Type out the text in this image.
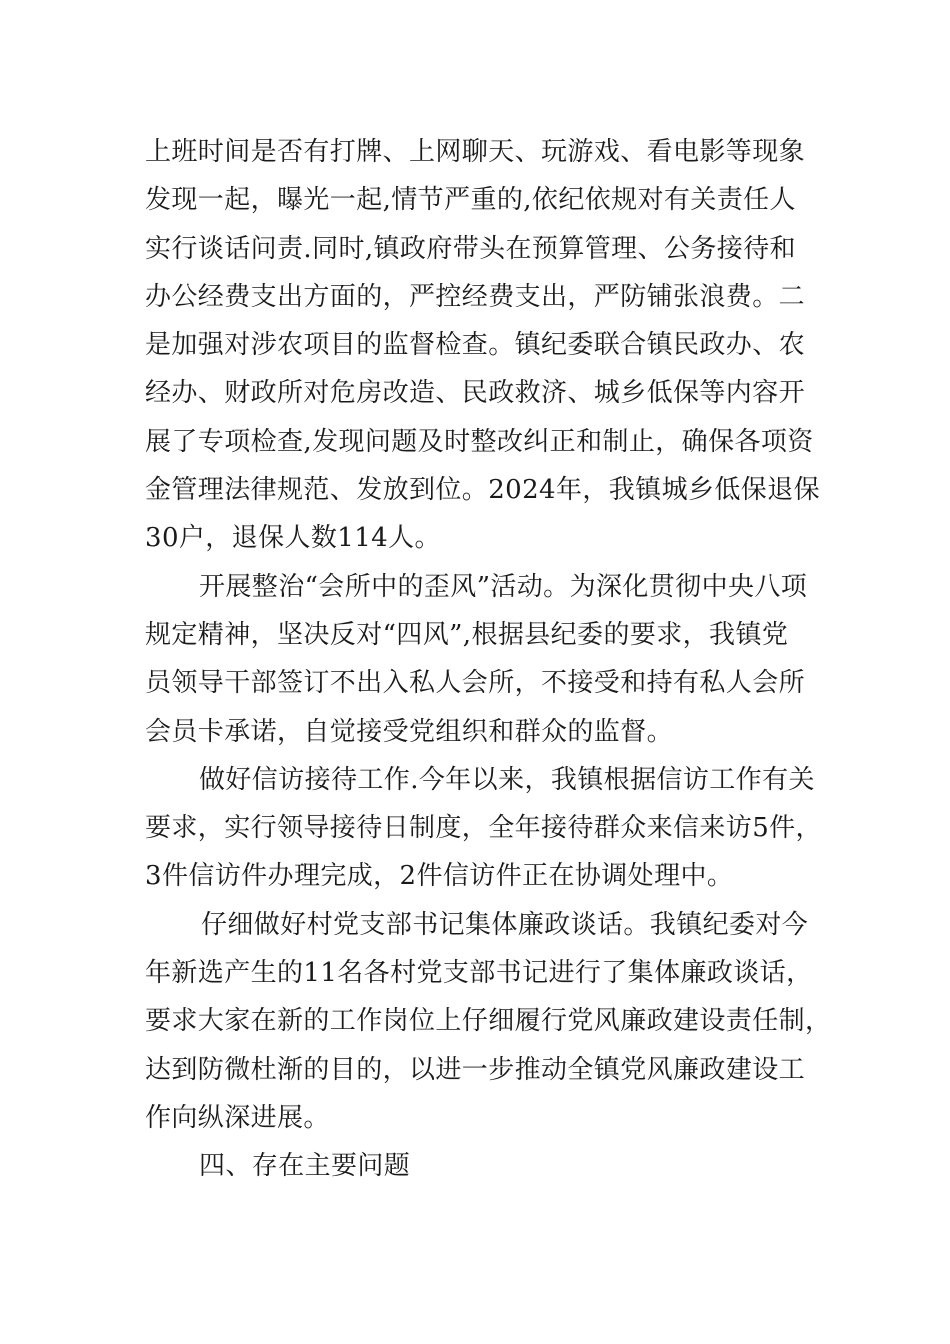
上班时间是否有打牌、上网聊天、玩游戏、看电影等现象
发现一起，曝光一起,情节严重的,依纪依规对有关责任人
实行谈话问责.同时,镇政府带头在预算管理、公务接待和
办公经费支出方面的，严控经费支出，严防铺张浪费。二
是加强对涉农项目的监督检查。镇纪委联合镇民政办、农
经办、财政所对危房改造、民政救济、城乡低保等内容开
展了专项检查,发现问题及时整改纠正和制止，确保各项资
金管理法律规范、发放到位。2024年，我镇城乡低保退保
30户，退保人数114人。
开展整治“会所中的歪风”活动。为深化贯彻中央八项
规定精神，坚决反对“四风”,根据县纪委的要求，我镇党
员领导干部签订不出入私人会所，不接受和持有私人会所
会员卡承诺，自觉接受党组织和群众的监督。
做好信访接待工作.今年以来，我镇根据信访工作有关
要求，实行领导接待日制度，全年接待群众来信来访5件，
3件信访件办理完成，2件信访件正在协调处理中。
仔细做好村党支部书记集体廉政谈话。我镇纪委对今
年新选产生的11名各村党支部书记进行了集体廉政谈话，
要求大家在新的工作岗位上仔细履行党风廉政建设责任制，
达到防微杜渐的目的，以进一步推动全镇党风廉政建设工
作向纵深进展。
四、存在主要问题
